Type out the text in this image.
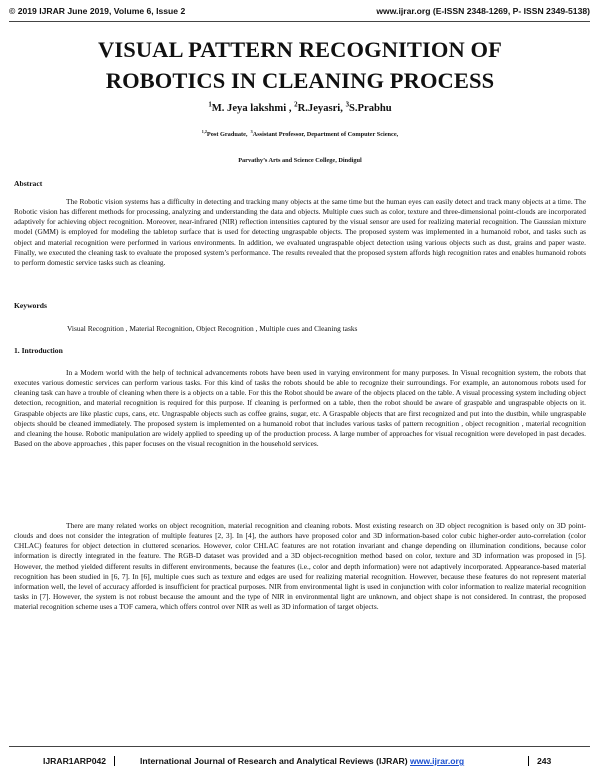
© 2019 IJRAR June 2019, Volume 6, Issue 2	www.ijrar.org (E-ISSN 2348-1269, P- ISSN 2349-5138)
VISUAL PATTERN RECOGNITION OF
ROBOTICS IN CLEANING PROCESS
$^1$M. Jeya lakshmi , $^2$R.Jeyasri, $^3$S.Prabhu
$^{1,2}$Post Graduate, $^3$Assistant Professor, Department of Computer Science,
Parvathy’s Arts and Science College, Dindigul
Abstract

The Robotic vision systems has a difficulty in detecting and tracking many objects at the same time but the human eyes can easily detect and track many objects at a time. The Robotic vision has different methods for processing, analyzing and understanding the data and objects. Multiple cues such as color, texture and three-dimensional point-clouds are incorporated adaptively for achieving object recognition. Moreover, near-infrared (NIR) reflection intensities captured by the visual sensor are used for realizing material recognition. The Gaussian mixture model (GMM) is employed for modeling the tabletop surface that is used for detecting ungraspable objects. The proposed system was implemented in a humanoid robot, and tasks such as object and material recognition were performed in various environments. In addition, we evaluated ungraspable object detection using various objects such as dust, grains and paper waste. Finally, we executed the cleaning task to evaluate the proposed system’s performance. The results revealed that the proposed system affords high recognition rates and enables humanoid robots to perform domestic service tasks such as cleaning.

Keywords
Visual Recognition , Material Recognition, Object Recognition , Multiple cues and Cleaning tasks
1. Introduction

In a Modern world with the help of technical advancements robots have been used in varying environment for many purposes. In Visual recognition system, the robots that executes various domestic services can perform various tasks. For this kind of tasks the robots should be able to recognize their surroundings. For example, an autonomous robots used for cleaning task can have a trouble of cleaning when there is a objects on a table. For this the Robot should be aware of the objects placed on the table. A visual processing system including object detection, recognition, and material recognition is required for this purpose. If cleaning is performed on a table, then the robot should be aware of graspable and ungraspable objects on it. Graspable objects are like plastic cups, cans, etc. Ungraspable objects such as coffee grains, sugar, etc. A Graspable objects that are first recognized and put into the dustbin, while ungraspable objects should be cleaned immediately. The proposed system is implemented on a humanoid robot that includes various tasks of pattern recognition , object recognition , material recognition and cleaning the house. Robotic manipulation are widely applied to speeding up of the production process. A large number of approaches for visual recognition were developed in past decades. Based on the above approaches , this paper focuses on the visual recognition in the household services.

There are many related works on object recognition, material recognition and cleaning robots. Most existing research on 3D object recognition is based only on 3D point-clouds and does not consider the integration of multiple features [2, 3]. In [4], the authors have proposed color and 3D information-based color cubic higher-order auto-correlation (color CHLAC) features for object detection in cluttered scenarios. However, color CHLAC features are not rotation invariant and change depending on illumination conditions, because color information is directly integrated in the feature. The RGB-D dataset was provided and a 3D object-recognition method based on color, texture and 3D information was proposed in [5]. However, the method yielded different results in different environments, because the features (i.e., color and depth information) were not adaptively incorporated. Appearance-based material recognition has been studied in [6, 7]. In [6], multiple cues such as texture and edges are used for realizing material recognition. However, because these features do not represent material information well, the level of accuracy afforded is insufficient for practical purposes. NIR from environmental light is used in conjunction with color information to realize material recognition tasks in [7]. However, the system is not robust because the amount and the type of NIR in environmental light are unknown, and object shape is not considered. In contrast, the proposed material recognition scheme uses a TOF camera, which offers control over NIR as well as 3D information of target objects.

IJRAR1ARP042	International Journal of Research and Analytical Reviews (IJRAR) www.ijrar.org	243
